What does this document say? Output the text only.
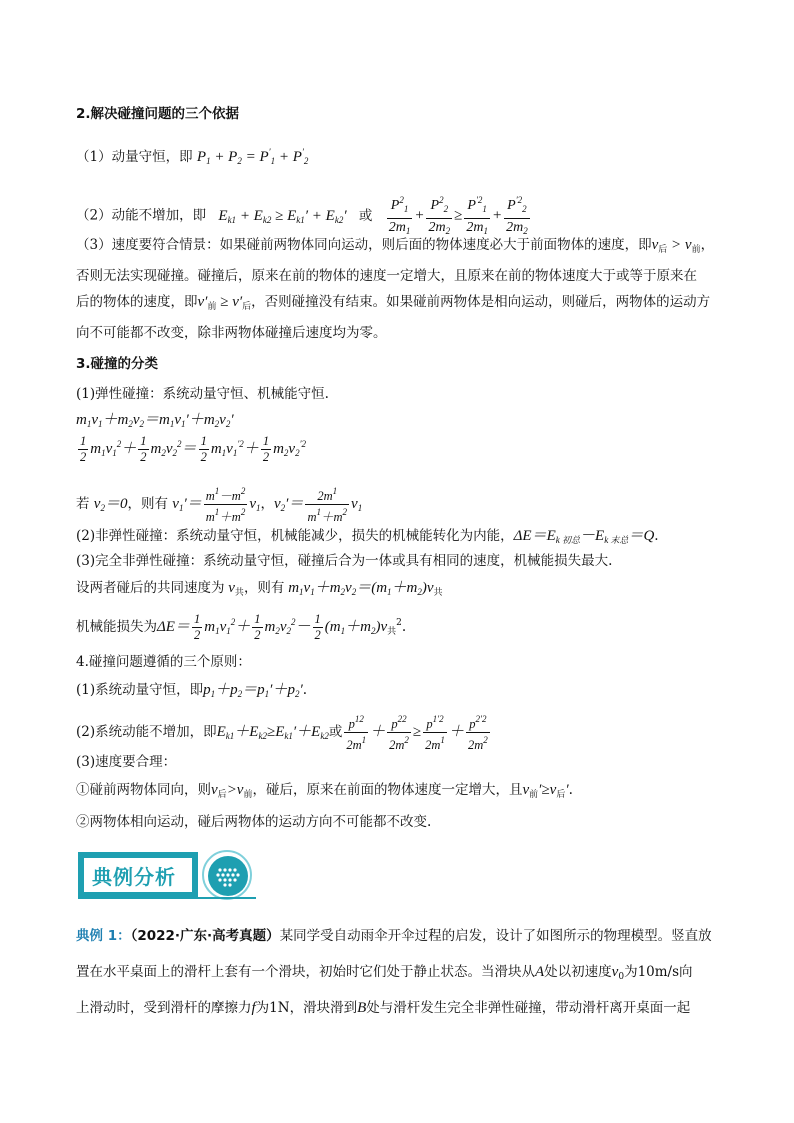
2.解决碰撞问题的三个依据
（1）动量守恒，即 $P_1 + P_2 = P'_1 + P'_2$
（2）动能不增加，即 $E_{k1} + E_{k2} \ge E_{k1}' + E_{k2}'$ 或 $\frac{P^2_1}{2m_1} + \frac{P^2_2}{2m_2} \ge \frac{P^{'2}_1}{2m_1} + \frac{P^{'2}_2}{2m_2}$
（3）速度要符合情景：如果碰前两物体同向运动，则后面的物体速度必大于前面物体的速度，即$v_后 > v_前$，
否则无法实现碰撞。碰撞后，原来在前的物体的速度一定增大，且原来在前的物体速度大于或等于原来在
后的物体的速度，即$v'_前 \ge v'_后$，否则碰撞没有结束。如果碰前两物体是相向运动，则碰后，两物体的运动方
向不可能都不改变，除非两物体碰撞后速度均为零。
3.碰撞的分类
(1)弹性碰撞：系统动量守恒、机械能守恒.
$m_1v_1+m_2v_2=m_1v_1'+m_2v_2'$
$\frac{1}{2} m_1v_1^2+ \frac{1}{2} m_2v_2^2= \frac{1}{2} m_1v_1^{'2}+ \frac{1}{2} m_2v_2^{'2}$
若 $v_2=0$，则有 $v_1'= \frac{m^1-m^2}{m^1+m^2} v_1$，$v_2'= \frac{2m^1}{m^1+m^2} v_1$
(2)非弹性碰撞：系统动量守恒，机械能减少，损失的机械能转化为内能，$\Delta E=E_{k 初总}-E_{k 末总}=Q$.
(3)完全非弹性碰撞：系统动量守恒，碰撞后合为一体或具有相同的速度，机械能损失最大.
设两者碰后的共同速度为 $v_共$，则有 $m_1v_1+m_2v_2=(m_1+m_2)v_共$
机械能损失为$\Delta E= \frac{1}{2} m_1v_1^2+ \frac{1}{2} m_2v_2^2- \frac{1}{2} (m_1+m_2)v_共^2$.
4.碰撞问题遵循的三个原则：
(1)系统动量守恒，即$p_1+p_2=p_1'+p_2'$.
(2)系统动能不增加，即$E_{k1}+E_{k2}\ge E_{k1}'+E_{k2}$或 $\frac{p^{12}}{2m^1} + \frac{p^{22}}{2m^2} \ge \frac{p^{1'2}}{2m^1} + \frac{p^{2'2}}{2m^2}$
(3)速度要合理：
①碰前两物体同向，则$v_后>v_前$，碰后，原来在前面的物体速度一定增大，且$v_前'\ge v_后'$.
②两物体相向运动，碰后两物体的运动方向不可能都不改变.
典例分析
典例 1：（2022·广东·高考真题）某同学受自动雨伞开伞过程的启发，设计了如图所示的物理模型。竖直放
置在水平桌面上的滑杆上套有一个滑块，初始时它们处于静止状态。当滑块从A处以初速度$v_0$为10m/s向
上滑动时，受到滑杆的摩擦力f为1N，滑块滑到B处与滑杆发生完全非弹性碰撞，带动滑杆离开桌面一起
